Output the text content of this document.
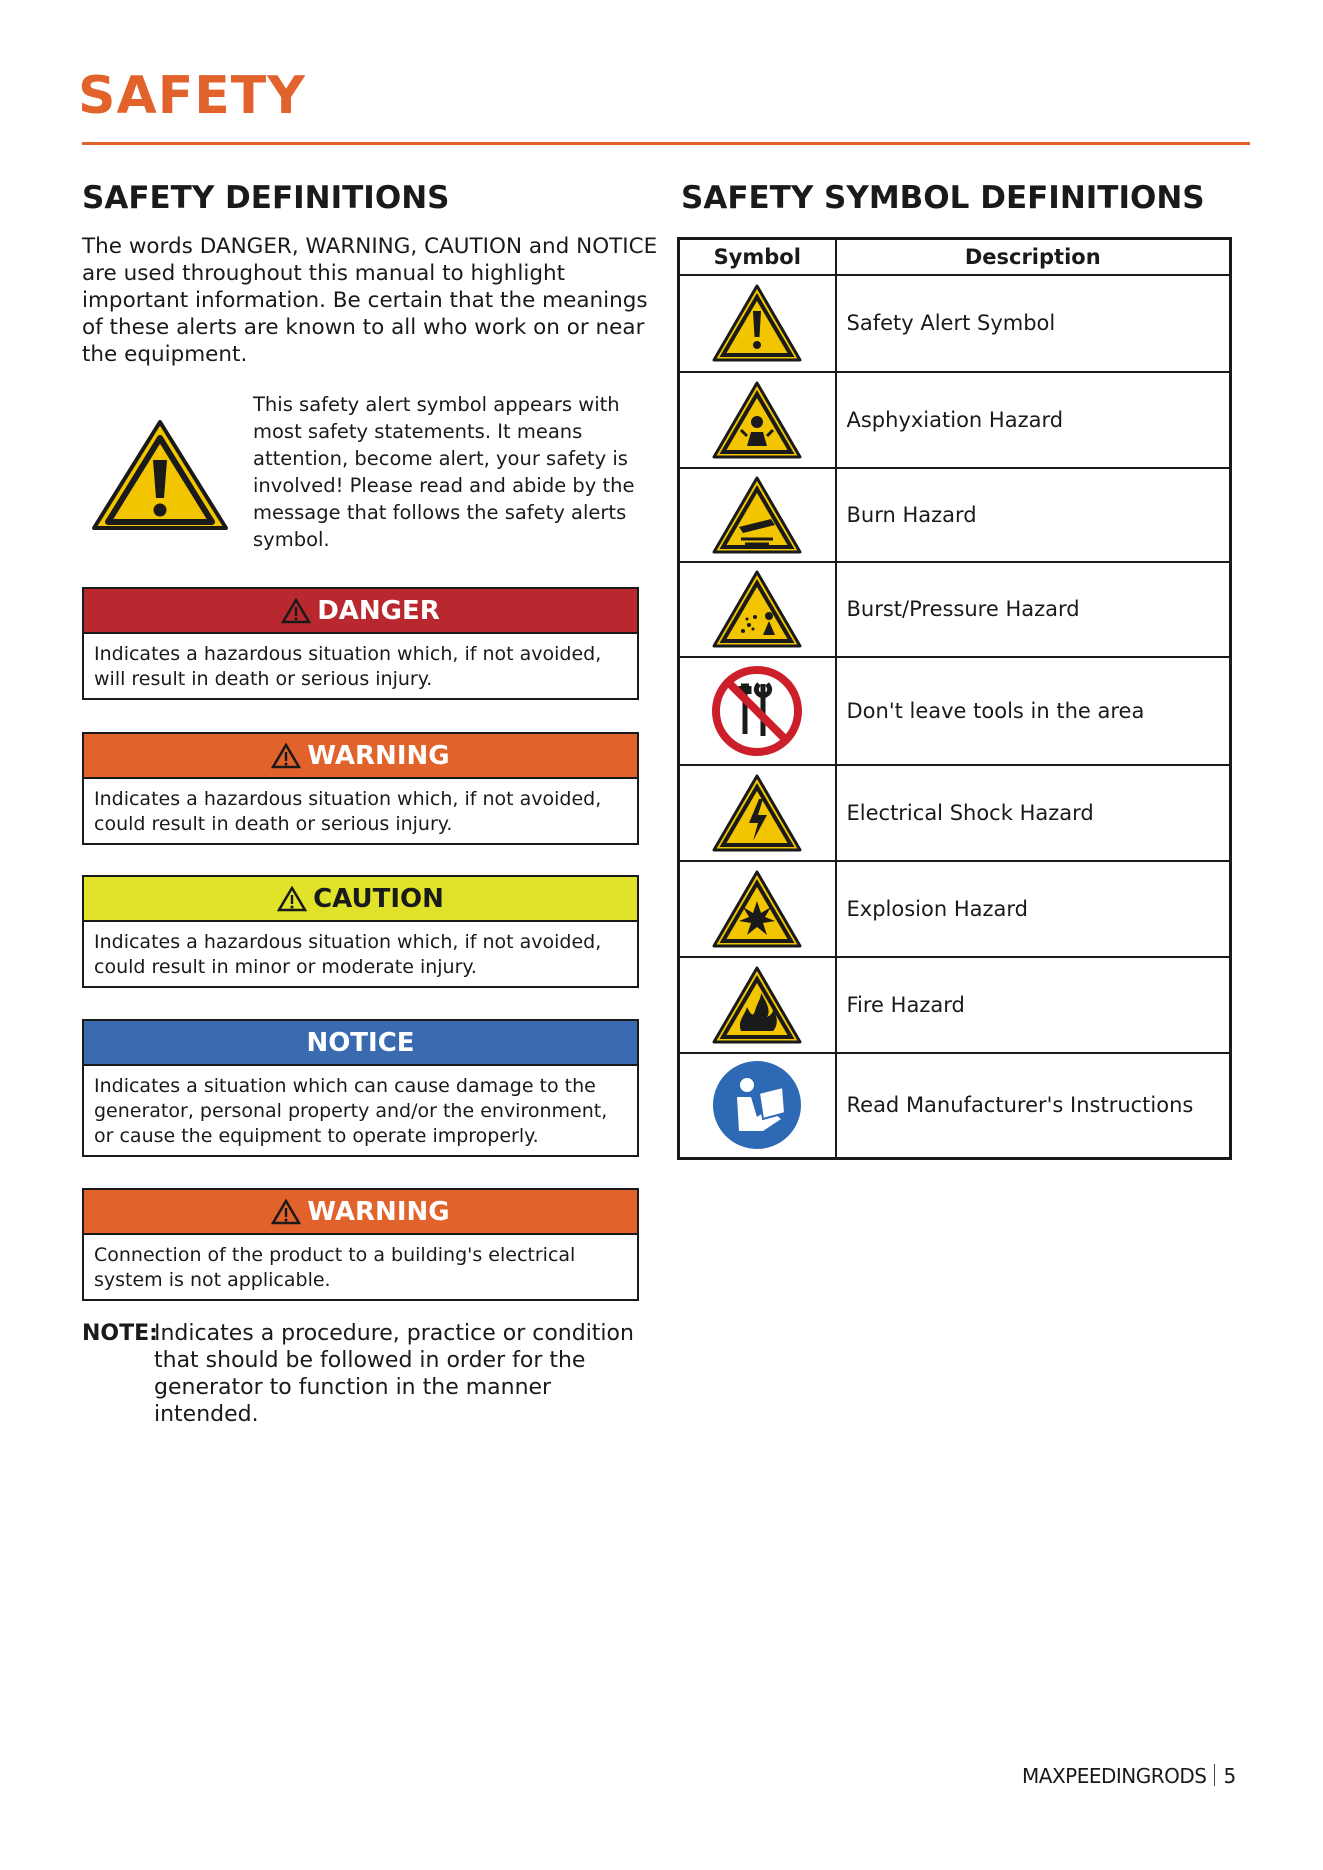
SAFETY
SAFETY DEFINITIONS
The words DANGER, WARNING, CAUTION and NOTICE are used throughout this manual to highlight important information. Be certain that the meanings of these alerts are known to all who work on or near the equipment.
This safety alert symbol appears with most safety statements. It means attention, become alert, your safety is involved! Please read and abide by the message that follows the safety alerts symbol.
DANGER
Indicates a hazardous situation which, if not avoided, will result in death or serious injury.
WARNING
Indicates a hazardous situation which, if not avoided, could result in death or serious injury.
CAUTION
Indicates a hazardous situation which, if not avoided, could result in minor or moderate injury.
NOTICE
Indicates a situation which can cause damage to the generator, personal property and/or the environment, or cause the equipment to operate improperly.
WARNING
Connection of the product to a building's electrical system is not applicable.
NOTE:
Indicates a procedure, practice or condition that should be followed in order for the generator to function in the manner intended.
SAFETY SYMBOL DEFINITIONS
Symbol	Description

	Safety Alert Symbol

	Asphyxiation Hazard

	Burn Hazard

	Burst/Pressure Hazard

	Don't leave tools in the area

	Electrical Shock Hazard

	Explosion Hazard

	Fire Hazard

	Read Manufacturer's Instructions
MAXPEEDINGRODS 5
